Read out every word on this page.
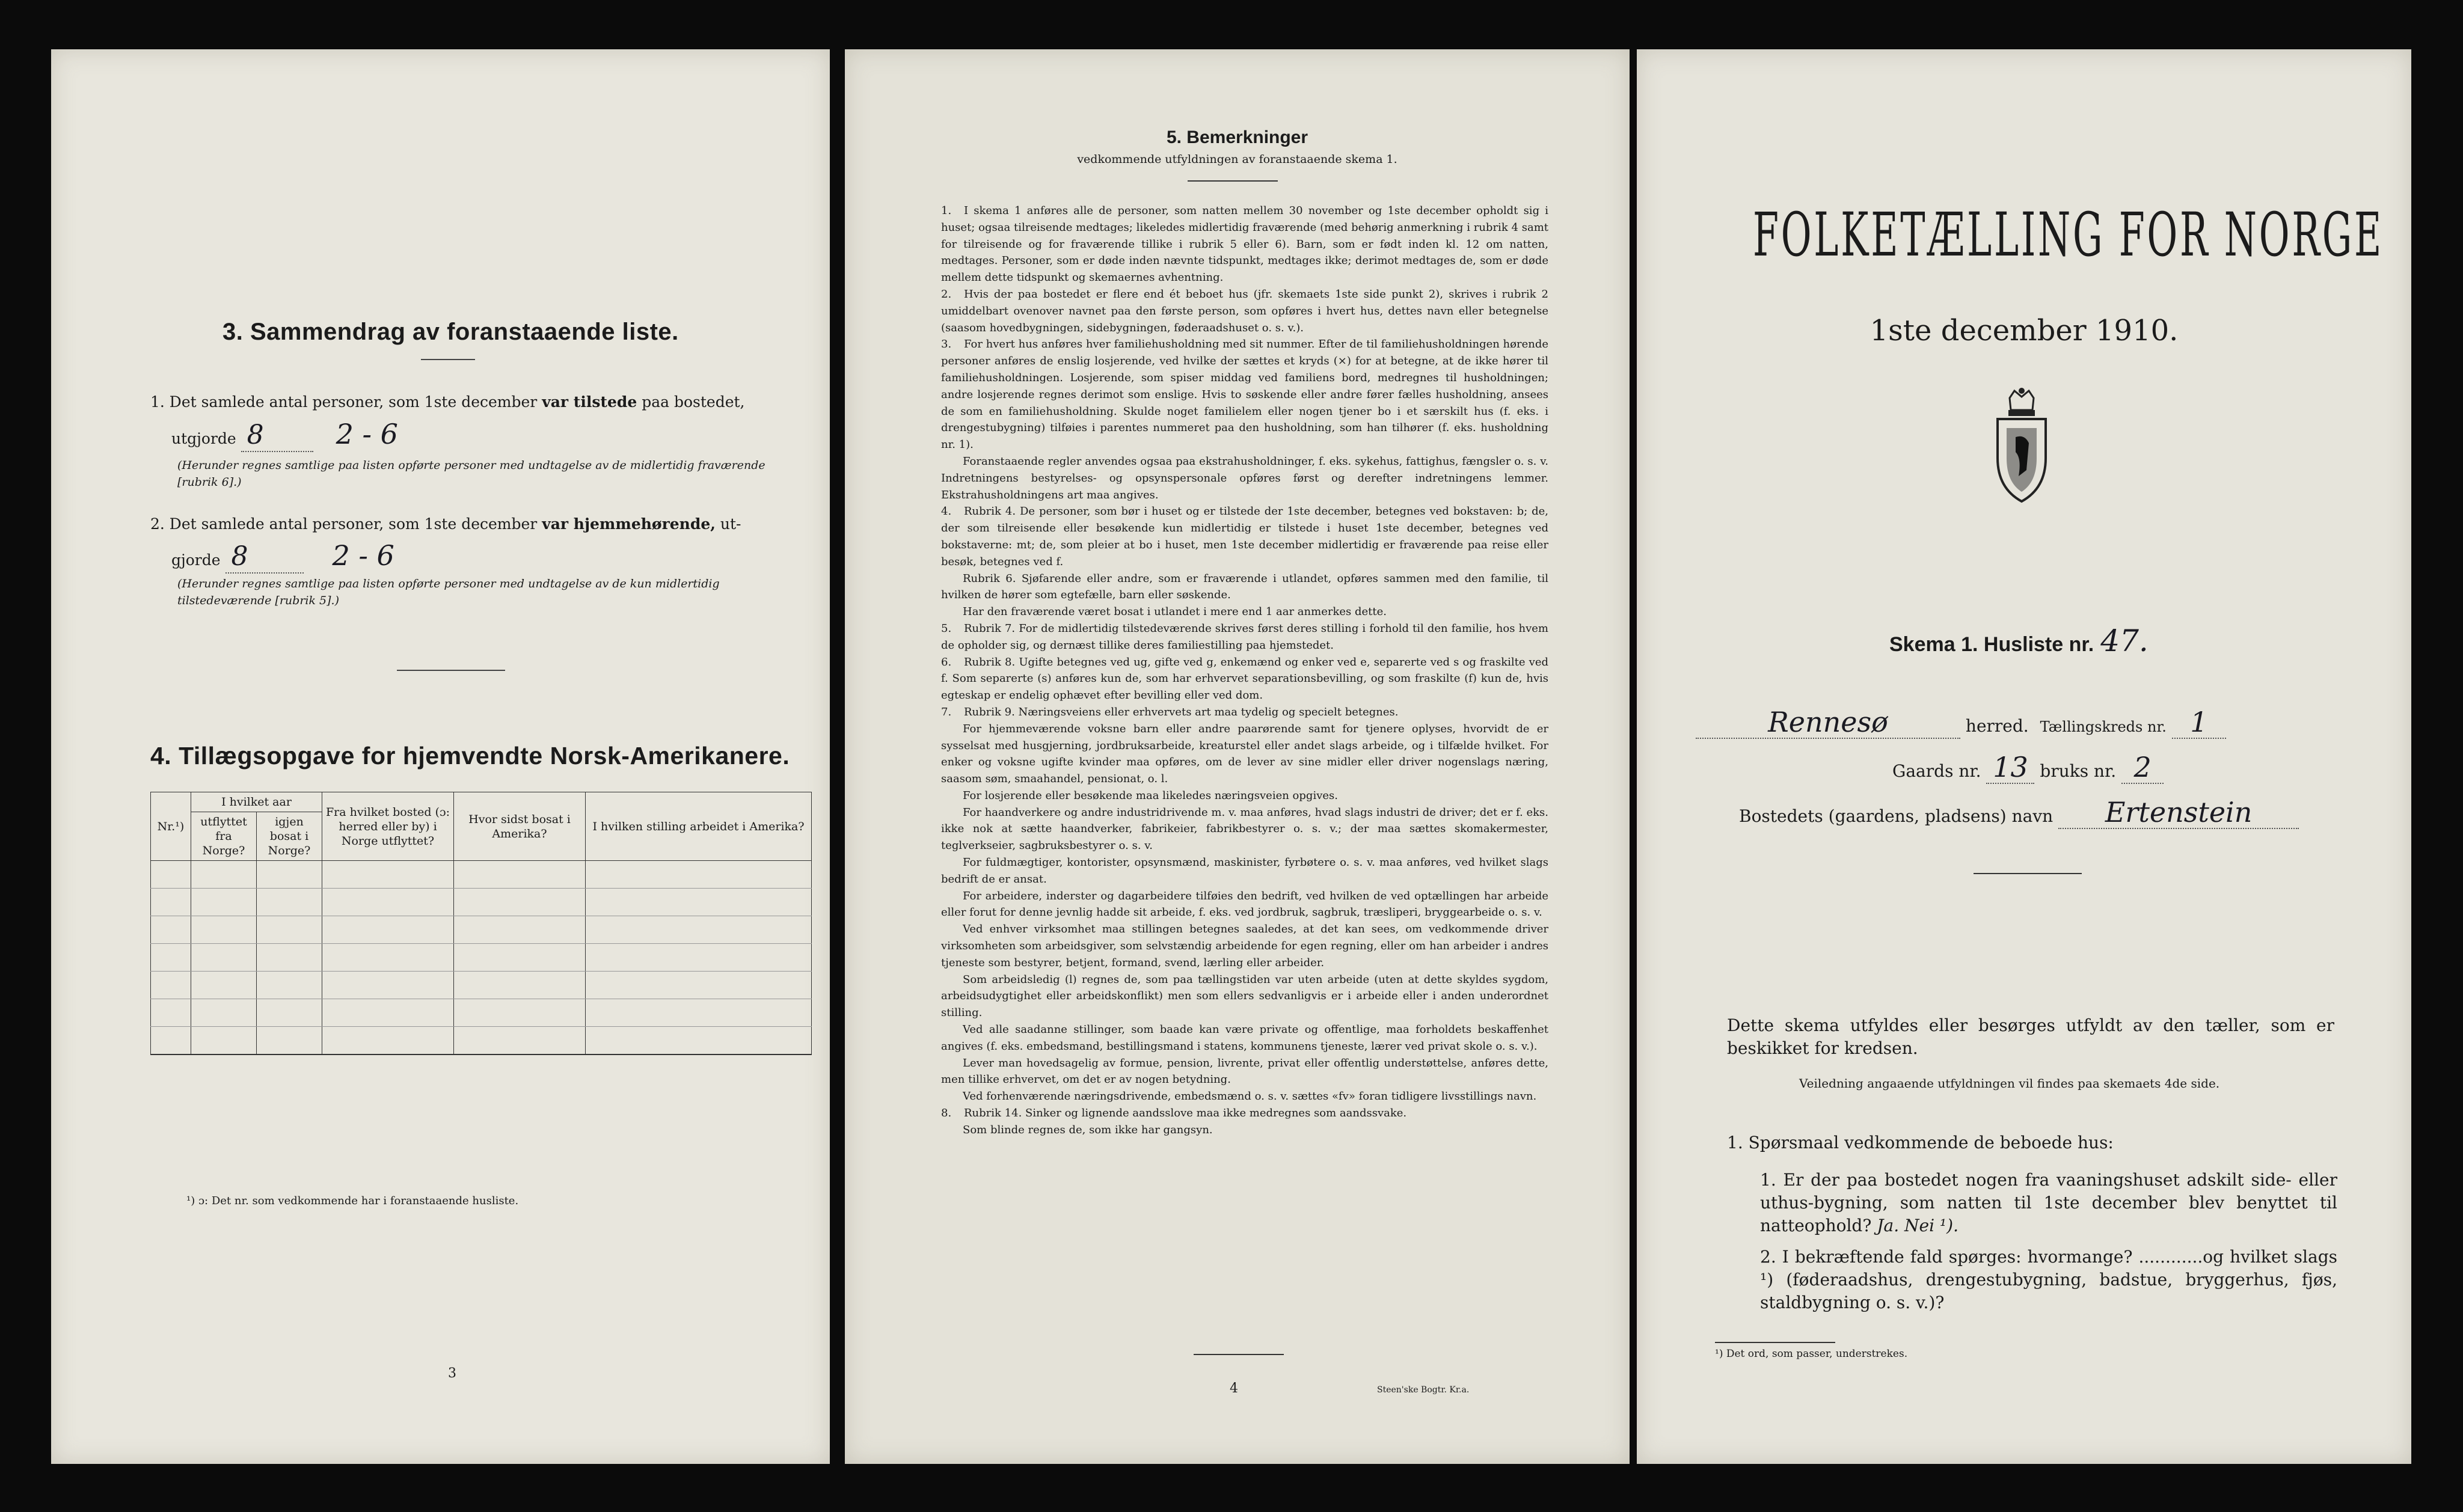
3. Sammendrag av foranstaaende liste.
1. Det samlede antal personer, som 1ste december var tilstede paa bostedet,
utgjorde 8	2 - 6
(Herunder regnes samtlige paa listen opførte personer med undtagelse av de midlertidig fraværende [rubrik 6].)
2. Det samlede antal personer, som 1ste december var hjemmehørende, ut-
gjorde 8	2 - 6
(Herunder regnes samtlige paa listen opførte personer med undtagelse av de kun midlertidig tilstedeværende [rubrik 5].)
4. Tillægsopgave for hjemvendte Norsk-Amerikanere.
Nr.¹)	I hvilket aar		Fra hvilket bosted (ɔ: herred eller by) i Norge utflyttet?	Hvor sidst bosat i Amerika?	I hvilken stilling arbeidet i Amerika?
	utflyttet fra Norge?	igjen bosat i Norge?			

¹) ɔ: Det nr. som vedkommende har i foranstaaende husliste.
3
5. Bemerkninger
vedkommende utfyldningen av foranstaaende skema 1.

1. I skema 1 anføres alle de personer, som natten mellem 30 november og 1ste december opholdt sig i huset; ogsaa tilreisende medtages; likeledes midlertidig fraværende (med behørig anmerkning i rubrik 4 samt for tilreisende og for fraværende tillike i rubrik 5 eller 6). Barn, som er født inden kl. 12 om natten, medtages. Personer, som er døde inden nævnte tidspunkt, medtages ikke; derimot medtages de, som er døde mellem dette tidspunkt og skemaernes avhentning.

2. Hvis der paa bostedet er flere end ét beboet hus (jfr. skemaets 1ste side punkt 2), skrives i rubrik 2 umiddelbart ovenover navnet paa den første person, som opføres i hvert hus, dettes navn eller betegnelse (saasom hovedbygningen, sidebygningen, føderaadshuset o. s. v.).

3. For hvert hus anføres hver familiehusholdning med sit nummer. Efter de til familiehusholdningen hørende personer anføres de enslig losjerende, ved hvilke der sættes et kryds (×) for at betegne, at de ikke hører til familiehusholdningen. Losjerende, som spiser middag ved familiens bord, medregnes til husholdningen; andre losjerende regnes derimot som enslige. Hvis to søskende eller andre fører fælles husholdning, ansees de som en familiehusholdning. Skulde noget familielem eller nogen tjener bo i et særskilt hus (f. eks. i drengestubygning) tilføies i parentes nummeret paa den husholdning, som han tilhører (f. eks. husholdning nr. 1).

Foranstaaende regler anvendes ogsaa paa ekstrahusholdninger, f. eks. sykehus, fattighus, fængsler o. s. v. Indretningens bestyrelses- og opsynspersonale opføres først og derefter indretningens lemmer. Ekstrahusholdningens art maa angives.

4. Rubrik 4. De personer, som bør i huset og er tilstede der 1ste december, betegnes ved bokstaven: b; de, der som tilreisende eller besøkende kun midlertidig er tilstede i huset 1ste december, betegnes ved bokstaverne: mt; de, som pleier at bo i huset, men 1ste december midlertidig er fraværende paa reise eller besøk, betegnes ved f.

Rubrik 6. Sjøfarende eller andre, som er fraværende i utlandet, opføres sammen med den familie, til hvilken de hører som egtefælle, barn eller søskende.

Har den fraværende været bosat i utlandet i mere end 1 aar anmerkes dette.

5. Rubrik 7. For de midlertidig tilstedeværende skrives først deres stilling i forhold til den familie, hos hvem de opholder sig, og dernæst tillike deres familiestilling paa hjemstedet.

6. Rubrik 8. Ugifte betegnes ved ug, gifte ved g, enkemænd og enker ved e, separerte ved s og fraskilte ved f. Som separerte (s) anføres kun de, som har erhvervet separationsbevilling, og som fraskilte (f) kun de, hvis egteskap er endelig ophævet efter bevilling eller ved dom.

7. Rubrik 9. Næringsveiens eller erhvervets art maa tydelig og specielt betegnes.

For hjemmeværende voksne barn eller andre paarørende samt for tjenere oplyses, hvorvidt de er sysselsat med husgjerning, jordbruksarbeide, kreaturstel eller andet slags arbeide, og i tilfælde hvilket. For enker og voksne ugifte kvinder maa opføres, om de lever av sine midler eller driver nogenslags næring, saasom søm, smaahandel, pensionat, o. l.

For losjerende eller besøkende maa likeledes næringsveien opgives.

For haandverkere og andre industridrivende m. v. maa anføres, hvad slags industri de driver; det er f. eks. ikke nok at sætte haandverker, fabrikeier, fabrikbestyrer o. s. v.; der maa sættes skomakermester, teglverkseier, sagbruksbestyrer o. s. v.

For fuldmægtiger, kontorister, opsynsmænd, maskinister, fyrbøtere o. s. v. maa anføres, ved hvilket slags bedrift de er ansat.

For arbeidere, inderster og dagarbeidere tilføies den bedrift, ved hvilken de ved optællingen har arbeide eller forut for denne jevnlig hadde sit arbeide, f. eks. ved jordbruk, sagbruk, træsliperi, bryggearbeide o. s. v.

Ved enhver virksomhet maa stillingen betegnes saaledes, at det kan sees, om vedkommende driver virksomheten som arbeidsgiver, som selvstændig arbeidende for egen regning, eller om han arbeider i andres tjeneste som bestyrer, betjent, formand, svend, lærling eller arbeider.

Som arbeidsledig (l) regnes de, som paa tællingstiden var uten arbeide (uten at dette skyldes sygdom, arbeidsudygtighet eller arbeidskonflikt) men som ellers sedvanligvis er i arbeide eller i anden underordnet stilling.

Ved alle saadanne stillinger, som baade kan være private og offentlige, maa forholdets beskaffenhet angives (f. eks. embedsmand, bestillingsmand i statens, kommunens tjeneste, lærer ved privat skole o. s. v.).

Lever man hovedsagelig av formue, pension, livrente, privat eller offentlig understøttelse, anføres dette, men tillike erhvervet, om det er av nogen betydning.

Ved forhenværende næringsdrivende, embedsmænd o. s. v. sættes «fv» foran tidligere livsstillings navn.

8. Rubrik 14. Sinker og lignende aandsslove maa ikke medregnes som aandssvake.

Som blinde regnes de, som ikke har gangsyn.

4	Steen'ske Bogtr. Kr.a.
FOLKETÆLLING FOR NORGE
1ste december 1910.
Skema 1. Husliste nr. 47.
Rennesø	herred. Tællingskreds nr. 1
Gaards nr. 13 bruks nr. 2
Bostedets (gaardens, pladsens) navn Ertenstein
Dette skema utfyldes eller besørges utfyldt av den tæller, som er beskikket for kredsen.
Veiledning angaaende utfyldningen vil findes paa skemaets 4de side.
1. Spørsmaal vedkommende de beboede hus:
1. Er der paa bostedet nogen fra vaaningshuset adskilt side- eller uthus-bygning, som natten til 1ste december blev benyttet til natteophold? Ja. Nei ¹).
2. I bekræftende fald spørges: hvormange? ............og hvilket slags ¹) (føderaadshus, drengestubygning, badstue, bryggerhus, fjøs, staldbygning o. s. v.)?
¹) Det ord, som passer, understrekes.
